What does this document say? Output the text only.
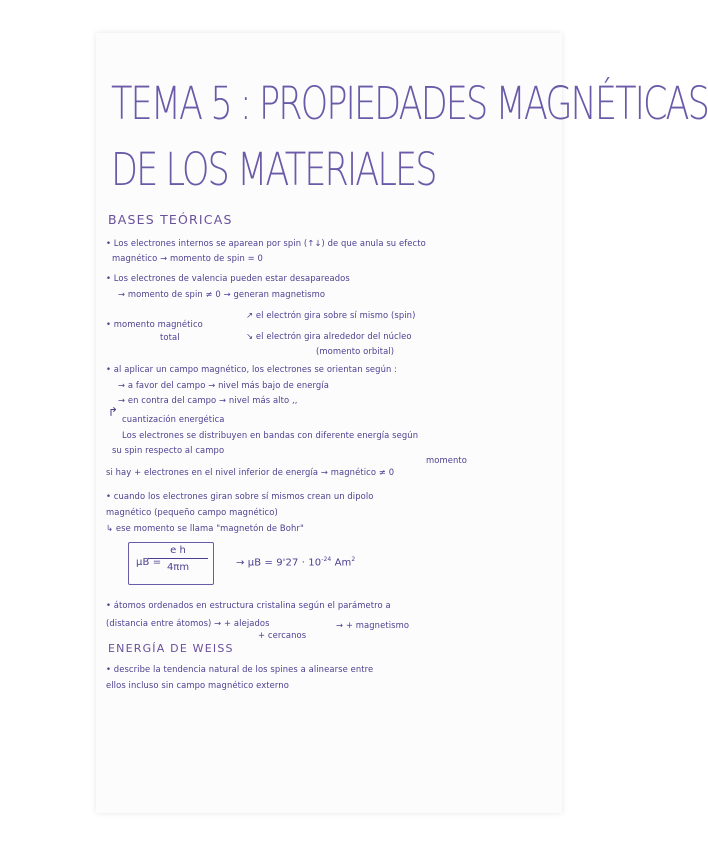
TEMA 5 : PROPIEDADES MAGNÉTICAS
DE LOS MATERIALES
BASES TEÓRICAS
• Los electrones internos se aparean por spin (↑↓) de que anula su efecto
magnético → momento de spin = 0
• Los electrones de valencia pueden estar desapareados
→ momento de spin ≠ 0 → generan magnetismo
↗ el electrón gira sobre sí mismo (spin)
• momento magnético
total	↘ el electrón gira alrededor del núcleo
(momento orbital)
• al aplicar un campo magnético, los electrones se orientan según :
→ a favor del campo → nivel más bajo de energía
→ en contra del campo → nivel más alto ,,
↱ cuantización energética
Los electrones se distribuyen en bandas con diferente energía según
su spin respecto al campo
momento
si hay + electrones en el nivel inferior de energía → magnético ≠ 0
• cuando los electrones giran sobre sí mismos crean un dipolo
magnético (pequeño campo magnético)
↳ ese momento se llama "magnetón de Bohr"
μB =
$\frac{\text{e h}}{4\pi m}$	→ $\mu B = 9'27 \cdot 10^{-24}$ Am$^2$
• átomos ordenados en estructura cristalina según el parámetro a
(distancia entre átomos) → + alejados
+ cercanos
→ + magnetismo
ENERGÍA DE WEISS
• describe la tendencia natural de los spines a alinearse entre
ellos incluso sin campo magnético externo
